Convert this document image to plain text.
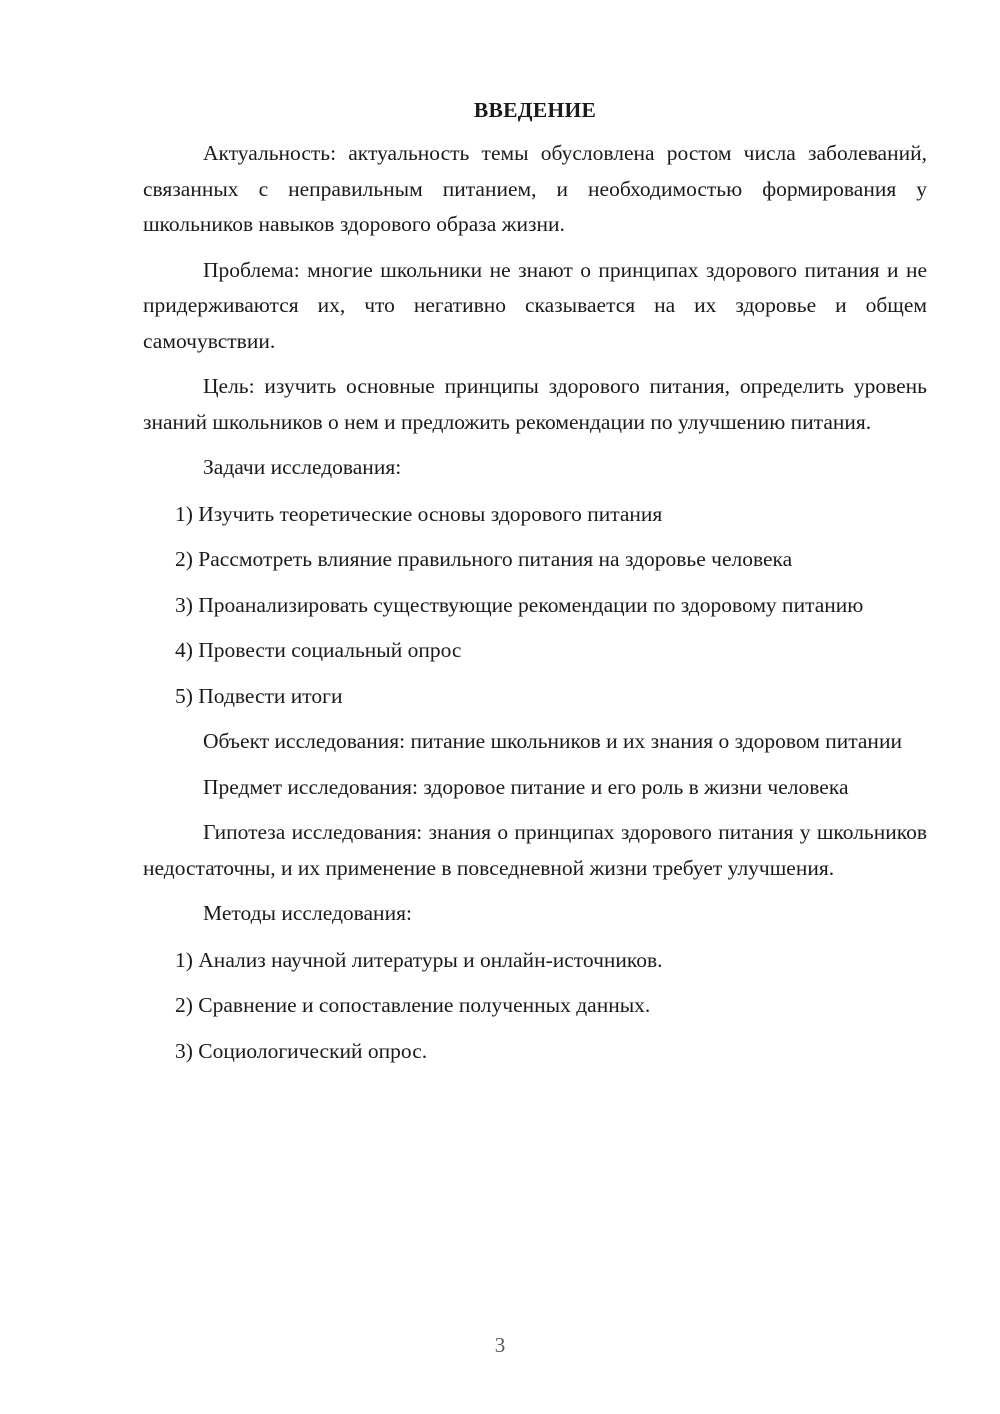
ВВЕДЕНИЕ

Актуальность: актуальность темы обусловлена ростом числа заболеваний, связанных с неправильным питанием, и необходимостью формирования у школьников навыков здорового образа жизни.

Проблема: многие школьники не знают о принципах здорового питания и не придерживаются их, что негативно сказывается на их здоровье и общем самочувствии.

Цель: изучить основные принципы здорового питания, определить уровень знаний школьников о нем и предложить рекомендации по улучшению питания.

Задачи исследования:

1) Изучить теоретические основы здорового питания

2) Рассмотреть влияние правильного питания на здоровье человека

3) Проанализировать существующие рекомендации по здоровому питанию

4) Провести социальный опрос

5) Подвести итоги

Объект исследования: питание школьников и их знания о здоровом питании

Предмет исследования: здоровое питание и его роль в жизни человека

Гипотеза исследования: знания о принципах здорового питания у школьников недостаточны, и их применение в повседневной жизни требует улучшения.

Методы исследования:

1) Анализ научной литературы и онлайн-источников.

2) Сравнение и сопоставление полученных данных.

3) Социологический опрос.

3
